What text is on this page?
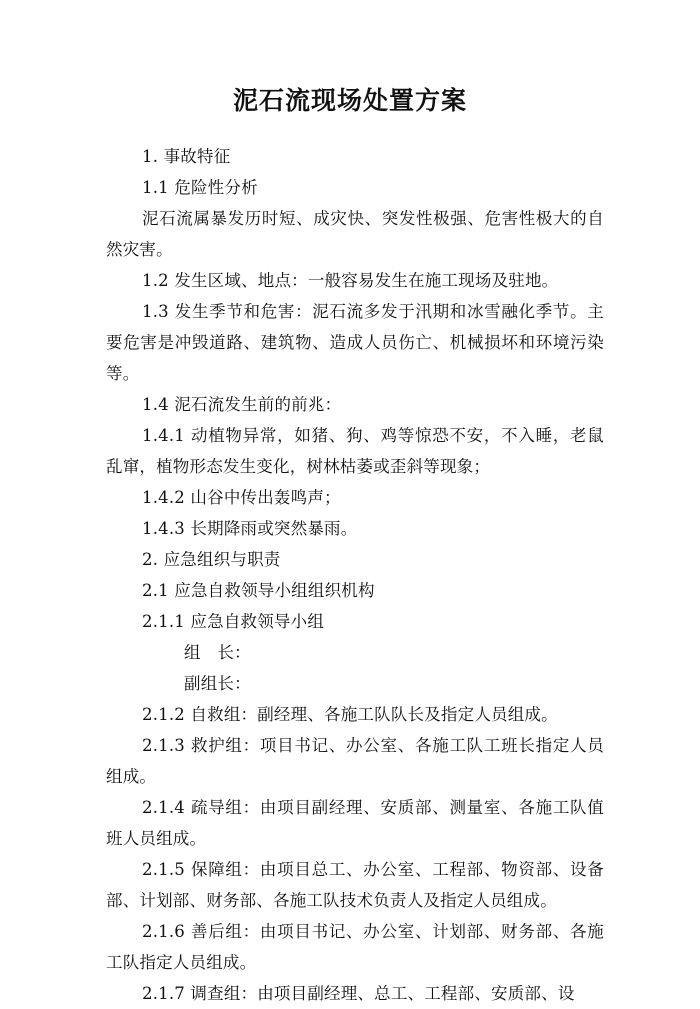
泥石流现场处置方案

1. 事故特征

1.1 危险性分析

泥石流属暴发历时短、成灾快、突发性极强、危害性极大的自然灾害。

1.2 发生区域、地点：一般容易发生在施工现场及驻地。

1.3 发生季节和危害：泥石流多发于汛期和冰雪融化季节。主要危害是冲毁道路、建筑物、造成人员伤亡、机械损坏和环境污染等。

1.4 泥石流发生前的前兆：

1.4.1 动植物异常，如猪、狗、鸡等惊恐不安，不入睡，老鼠乱窜，植物形态发生变化，树林枯萎或歪斜等现象；

1.4.2 山谷中传出轰鸣声；

1.4.3 长期降雨或突然暴雨。

2. 应急组织与职责

2.1 应急自救领导小组组织机构

2.1.1 应急自救领导小组

组　长：

副组长：

2.1.2 自救组：副经理、各施工队队长及指定人员组成。

2.1.3 救护组：项目书记、办公室、各施工队工班长指定人员组成。

2.1.4 疏导组：由项目副经理、安质部、测量室、各施工队值班人员组成。

2.1.5 保障组：由项目总工、办公室、工程部、物资部、设备部、计划部、财务部、各施工队技术负责人及指定人员组成。

2.1.6 善后组：由项目书记、办公室、计划部、财务部、各施工队指定人员组成。

2.1.7 调查组：由项目副经理、总工、工程部、安质部、设
